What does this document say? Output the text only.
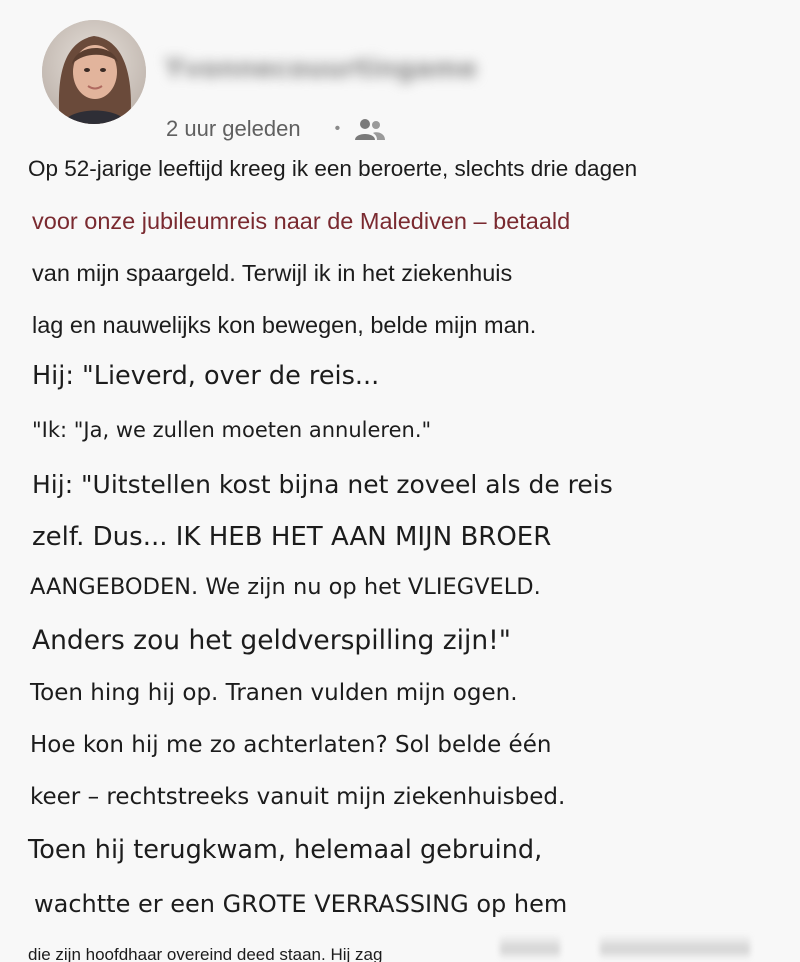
Yvonnecouurtingame
2 uur geleden •
Op 52-jarige leeftijd kreeg ik een beroerte, slechts drie dagen
voor onze jubileumreis naar de Malediven – betaald
van mijn spaargeld. Terwijl ik in het ziekenhuis
lag en nauwelijks kon bewegen, belde mijn man.
Hij: "Lieverd, over de reis...
"Ik: "Ja, we zullen moeten annuleren."
Hij: "Uitstellen kost bijna net zoveel als de reis
zelf. Dus... IK HEB HET AAN MIJN BROER
AANGEBODEN. We zijn nu op het VLIEGVELD.
Anders zou het geldverspilling zijn!"
Toen hing hij op. Tranen vulden mijn ogen.
Hoe kon hij me zo achterlaten? Sol belde één
keer – rechtstreeks vanuit mijn ziekenhuisbed.
Toen hij terugkwam, helemaal gebruind,
wachtte er een GROTE VERRASSING op hem
die zijn hoofdhaar overeind deed staan. Hij zag
